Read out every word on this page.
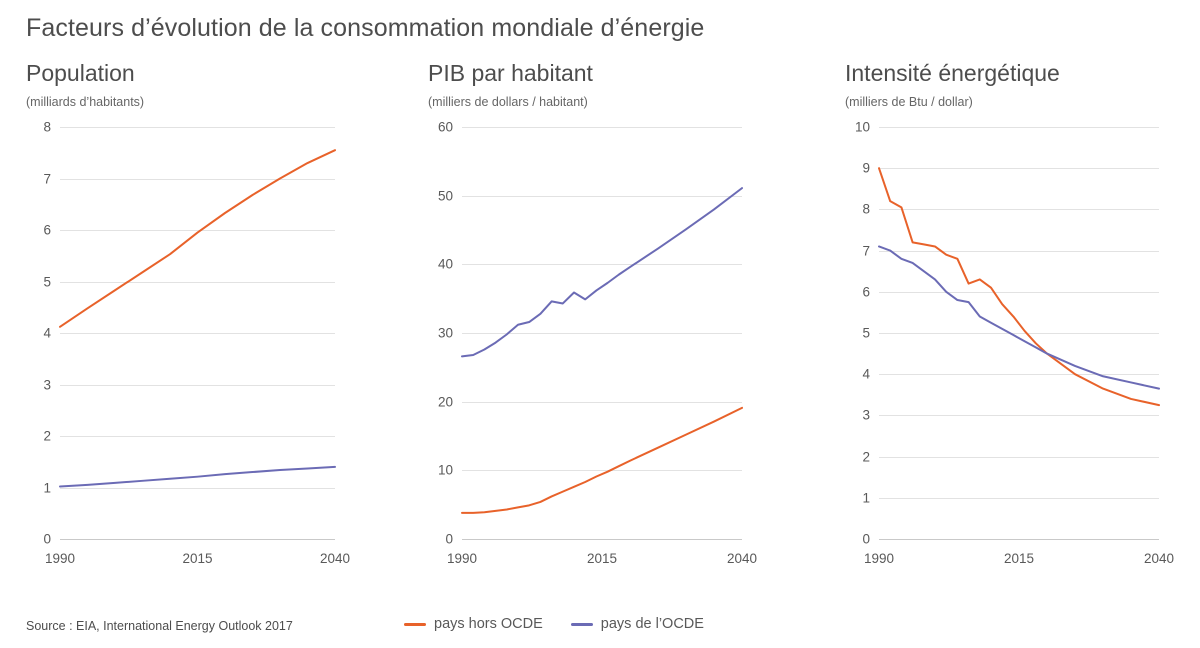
Facteurs d’évolution de la consommation mondiale d’énergie
Population
(milliards d’habitants)
0
1
2
3
4
5
6
7
8
1990	2015	2040
PIB par habitant
(milliers de dollars / habitant)
0
10
20
30
40
50
60
1990	2015	2040
Intensité énergétique
(milliers de Btu / dollar)
0
1
2
3
4
5
6
7
8
9
10
1990	2015	2040
Source : EIA, International Energy Outlook 2017	pays hors OCDE	pays de l’OCDE
